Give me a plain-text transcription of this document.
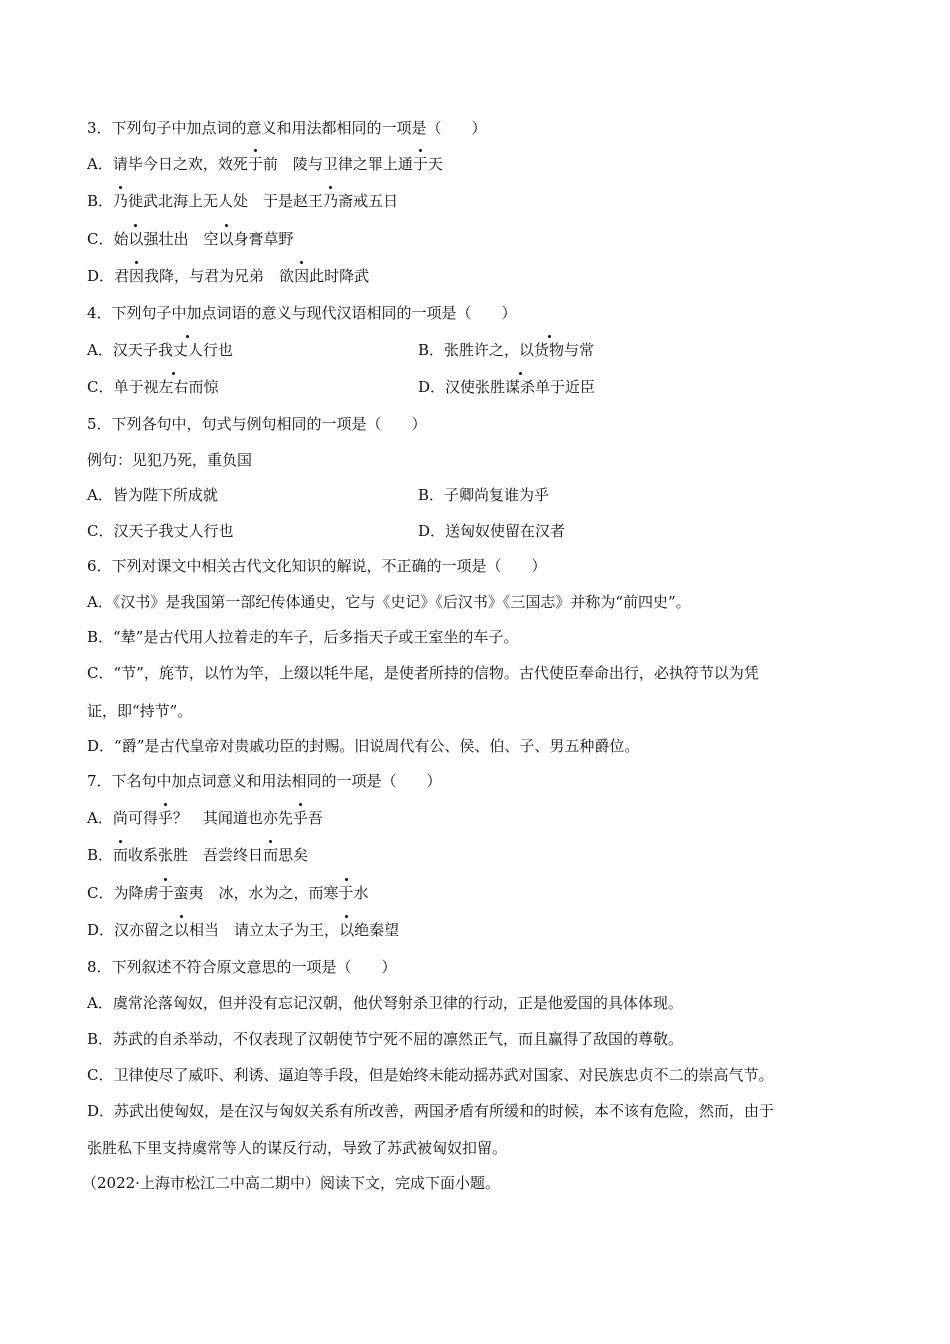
3．下列句子中加点词的意义和用法都相同的一项是（　　）
A．请毕今日之欢，效死于前　陵与卫律之罪上通于天
B．乃徙武北海上无人处　于是赵王乃斋戒五日
C．始以强壮出　空以身膏草野
D．君因我降，与君为兄弟　欲因此时降武
4．下列句子中加点词语的意义与现代汉语相同的一项是（　　）
A．汉天子我丈人行也	B．张胜许之，以货物与常
C．单于视左右而惊	D．汉使张胜谋杀单于近臣
5．下列各句中，句式与例句相同的一项是（　　）
例句：见犯乃死，重负国
A．皆为陛下所成就	B．子卿尚复谁为乎
C．汉天子我丈人行也	D．送匈奴使留在汉者
6．下列对课文中相关古代文化知识的解说，不正确的一项是（　　）
A．《汉书》是我国第一部纪传体通史，它与《史记》《后汉书》《三国志》并称为“前四史”。
B．“辇”是古代用人拉着走的车子，后多指天子或王室坐的车子。
C．“节”，旄节，以竹为竿，上缀以牦牛尾，是使者所持的信物。古代使臣奉命出行，必执符节以为凭
证，即“持节”。
D．“爵”是古代皇帝对贵戚功臣的封赐。旧说周代有公、侯、伯、子、男五种爵位。
7．下名句中加点词意义和用法相同的一项是（　　）
A．尚可得乎？　其闻道也亦先乎吾
B．而收系张胜　吾尝终日而思矣
C．为降虏于蛮夷　冰，水为之，而寒于水
D．汉亦留之以相当　请立太子为王，以绝秦望
8．下列叙述不符合原文意思的一项是（　　）
A．虞常沦落匈奴，但并没有忘记汉朝，他伏弩射杀卫律的行动，正是他爱国的具体体现。
B．苏武的自杀举动，不仅表现了汉朝使节宁死不屈的凛然正气，而且赢得了敌国的尊敬。
C．卫律使尽了威吓、利诱、逼迫等手段，但是始终未能动摇苏武对国家、对民族忠贞不二的崇高气节。
D．苏武出使匈奴，是在汉与匈奴关系有所改善，两国矛盾有所缓和的时候，本不该有危险，然而，由于
张胜私下里支持虞常等人的谋反行动，导致了苏武被匈奴扣留。
（2022·上海市松江二中高二期中）阅读下文，完成下面小题。
